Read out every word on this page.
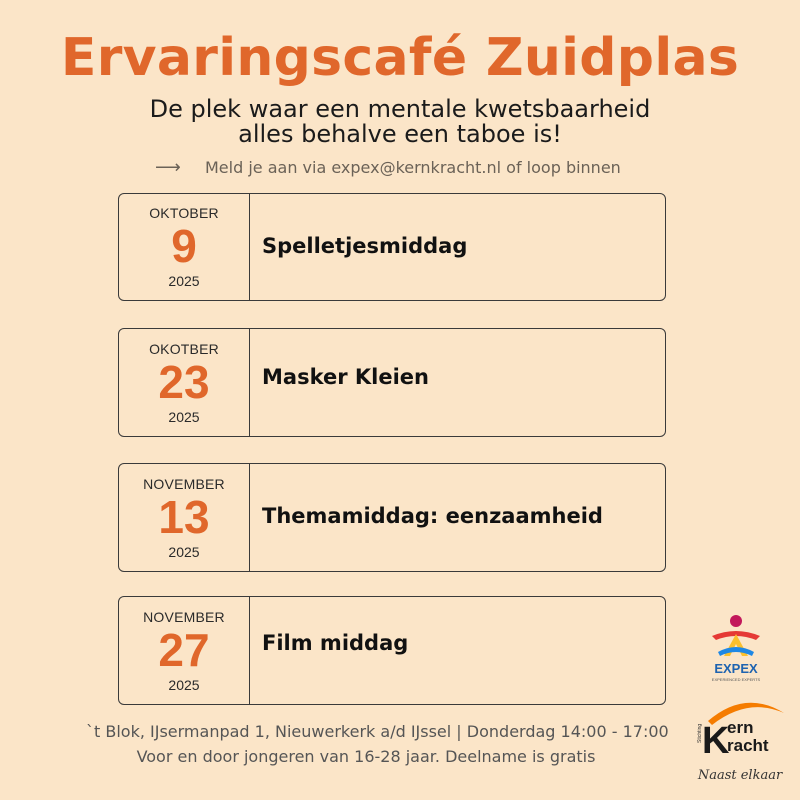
Ervaringscafé Zuidplas
De plek waar een mentale kwetsbaarheid
alles behalve een taboe is!
⟶	Meld je aan via expex@kernkracht.nl of loop binnen
OKTOBER
9
2025
Spelletjesmiddag
OKOTBER
23
2025
Masker Kleien
NOVEMBER
13
2025
Themamiddag: eenzaamheid
NOVEMBER
27
2025
Film middag
`t Blok, IJsermanpad 1, Nieuwerkerk a/d IJssel | Donderdag 14:00 - 17:00
Voor en door jongeren van 16-28 jaar. Deelname is gratis
EXPEX
EXPERIENCED EXPERTS
Stichting K
ern
racht
Naast elkaar
